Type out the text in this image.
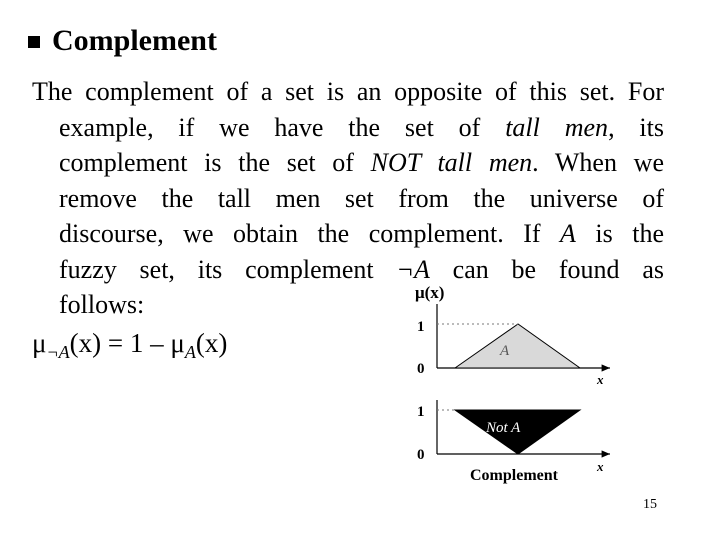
Complement
The complement of a set is an opposite of this set. For
example, if we have the set of tall men, its
complement is the set of NOT tall men. When we
remove the tall men set from the universe of
discourse, we obtain the complement. If A is the
fuzzy set, its complement ¬A can be found as
follows:
$\mu_{\neg A}(x) = 1 - \mu_A(x)$
μ(x)
1
0
x
A
1
0
x
Not A
Complement
15
